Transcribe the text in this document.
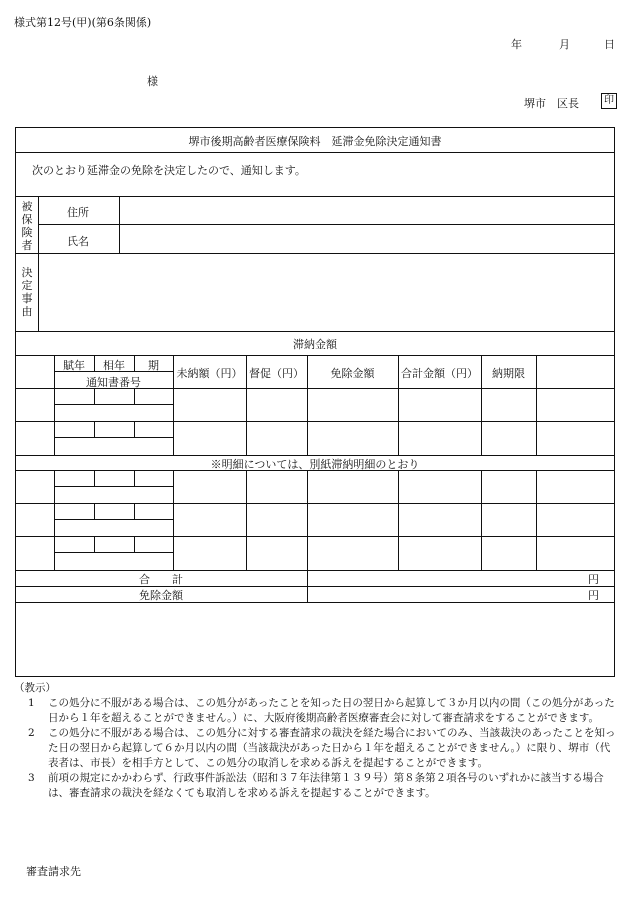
様式第12号(甲)(第6条関係)
年	月	日
様
堺市 区長	印
堺市後期高齢者医療保険料　延滞金免除決定通知書
次のとおり延滞金の免除を決定したので、通知します。
被保険者
住所
氏名
決定事由
滞納金額
賦年	相年	期
通知書番号
未納額（円） 督促（円）	免除金額	合計金額（円）	納期限
※明細については、別紙滞納明細のとおり
合　　計	円
免除金額	円
（教示）
1 この処分に不服がある場合は、この処分があったことを知った日の翌日から起算して３か月以内の間（この処分があった日から１年を超えることができません。）に、大阪府後期高齢者医療審査会に対して審査請求をすることができます。
2 この処分に不服がある場合は、この処分に対する審査請求の裁決を経た場合においてのみ、当該裁決のあったことを知った日の翌日から起算して６か月以内の間（当該裁決があった日から１年を超えることができません。）に限り、堺市（代表者は、市長）を相手方として、この処分の取消しを求める訴えを提起することができます。
3 前項の規定にかかわらず、行政事件訴訟法（昭和３７年法律第１３９号）第８条第２項各号のいずれかに該当する場合は、審査請求の裁決を経なくても取消しを求める訴えを提起することができます。
審査請求先
